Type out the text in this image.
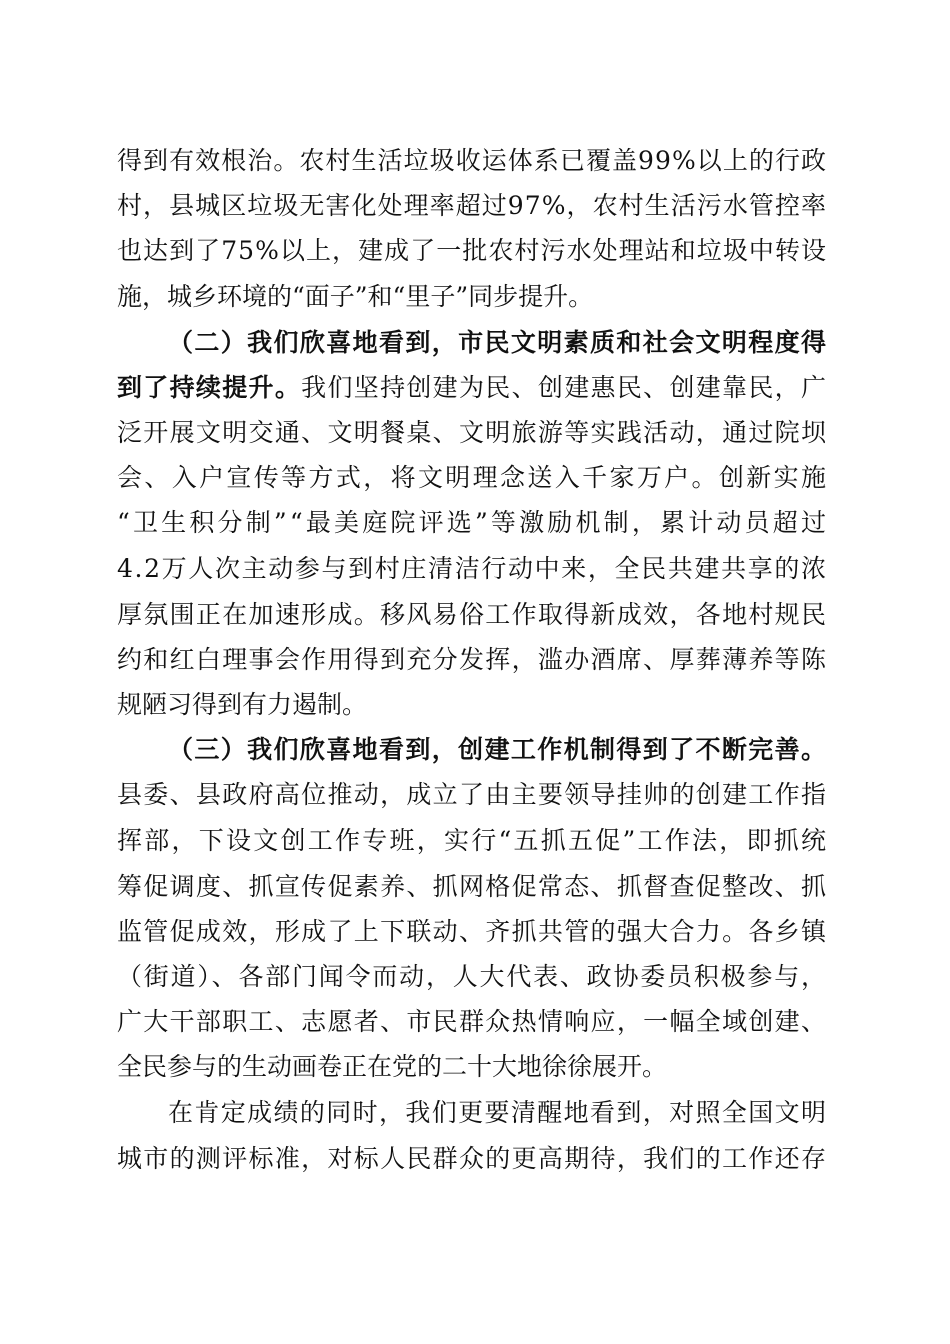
得到有效根治。农村生活垃圾收运体系已覆盖99%以上的行政
村，县城区垃圾无害化处理率超过97%，农村生活污水管控率
也达到了75%以上，建成了一批农村污水处理站和垃圾中转设
施，城乡环境的“面子”和“里子”同步提升。
（二）我们欣喜地看到，市民文明素质和社会文明程度得
到了持续提升。 我们坚持创建为民、创建惠民、创建靠民，广
泛开展文明交通、文明餐桌、文明旅游等实践活动，通过院坝
会、入户宣传等方式，将文明理念送入千家万户。创新实施
“卫生积分制”“最美庭院评选”等激励机制，累计动员超过
4.2万人次主动参与到村庄清洁行动中来，全民共建共享的浓
厚氛围正在加速形成。移风易俗工作取得新成效，各地村规民
约和红白理事会作用得到充分发挥，滥办酒席、厚葬薄养等陈
规陋习得到有力遏制。
（三）我们欣喜地看到，创建工作机制得到了不断完善。
县委、县政府高位推动，成立了由主要领导挂帅的创建工作指
挥部，下设文创工作专班，实行“五抓五促”工作法，即抓统
筹促调度、抓宣传促素养、抓网格促常态、抓督查促整改、抓
监管促成效，形成了上下联动、齐抓共管的强大合力。各乡镇
（街道）、各部门闻令而动，人大代表、政协委员积极参与，
广大干部职工、志愿者、市民群众热情响应，一幅全域创建、
全民参与的生动画卷正在党的二十大地徐徐展开。
在肯定成绩的同时，我们更要清醒地看到，对照全国文明
城市的测评标准，对标人民群众的更高期待，我们的工作还存
